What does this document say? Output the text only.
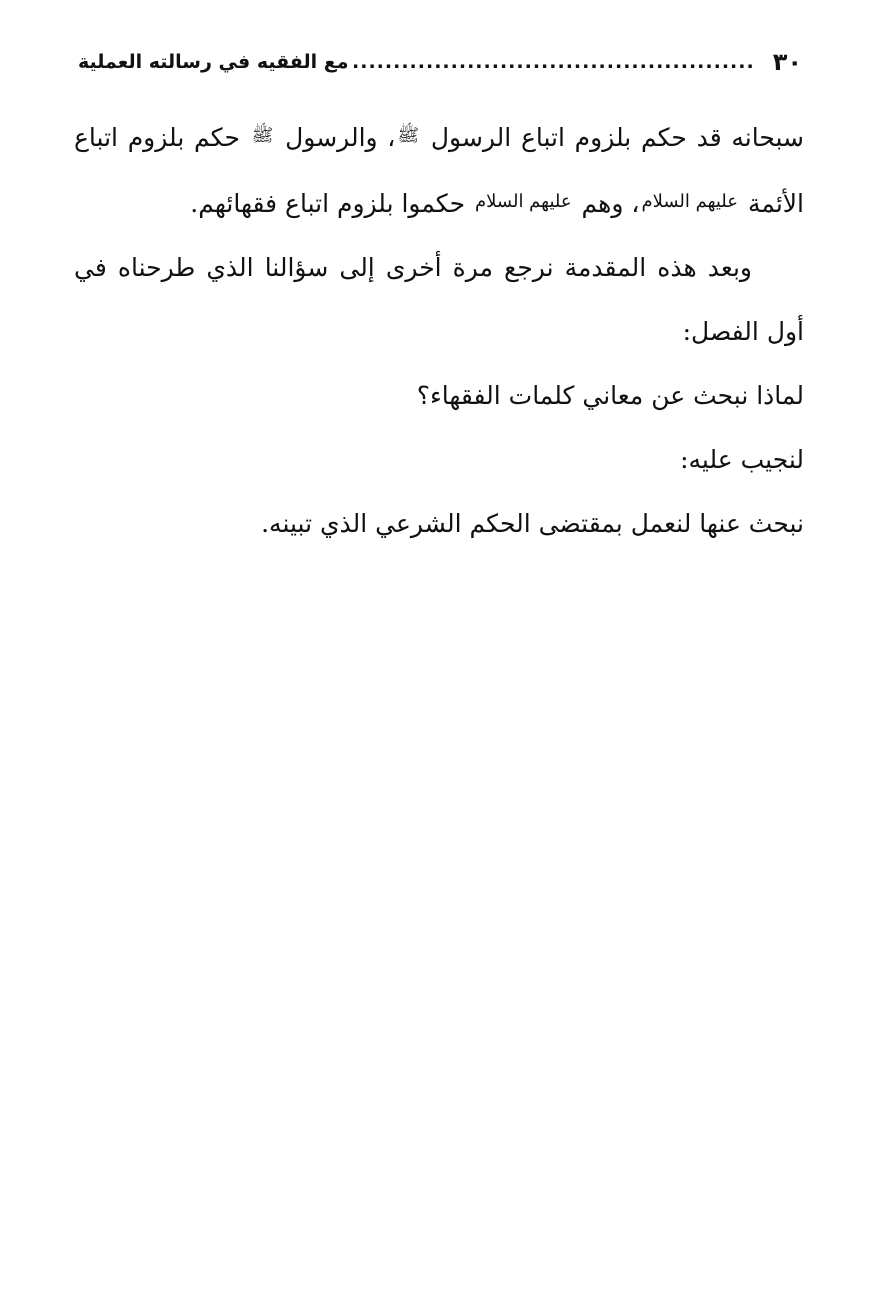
٣٠
.....
مع الفقيه في رسالته العملية

سبحانه قد حكم بلزوم اتباع الرسول $^ﷺ$، والرسول $^ﷺ$ حكم بلزوم اتباع الأئمة $^{عليهم السلام}$، وهم $^{عليهم السلام}$ حكموا بلزوم اتباع فقهائهم.

وبعد هذه المقدمة نرجع مرة أخرى إلى سؤالنا الذي طرحناه في أول الفصل:

لماذا نبحث عن معاني كلمات الفقهاء؟

لنجيب عليه:

نبحث عنها لنعمل بمقتضى الحكم الشرعي الذي تبينه.
